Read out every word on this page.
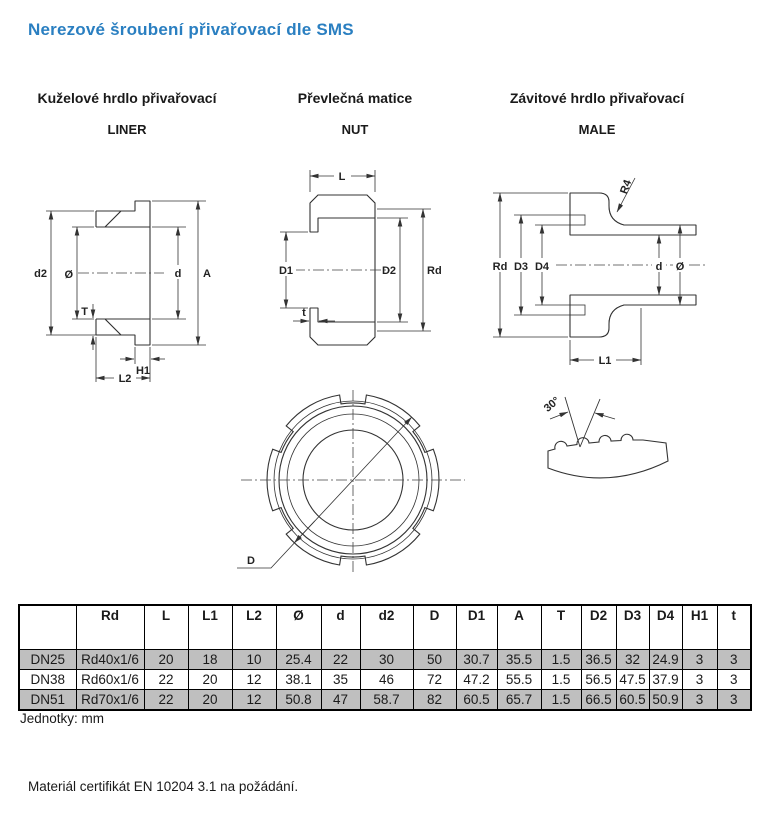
Nerezové šroubení přivařovací dle SMS
Kuželové hrdlo přivařovací
LINER
Převlečná matice
NUT
Závitové hrdlo přivařovací
MALE
d2 Ø
T
d A
H1
L2
L
D1	D2	Rd
t
D
Rd D3 D4	d Ø
L1
R4
30°
	Rd	L	L1	L2	Ø	d	d2	D	D1	A	T	D2	D3	D4	H1	t
DN25	Rd40x1/6	20	18	10	25.4	22	30	50	30.7	35.5	1.5	36.5	32	24.9	3	3
DN38	Rd60x1/6	22	20	12	38.1	35	46	72	47.2	55.5	1.5	56.5	47.5	37.9	3	3
DN51	Rd70x1/6	22	20	12	50.8	47	58.7	82	60.5	65.7	1.5	66.5	60.5	50.9	3	3
Jednotky: mm
Materiál certifikát EN 10204 3.1 na požádání.
